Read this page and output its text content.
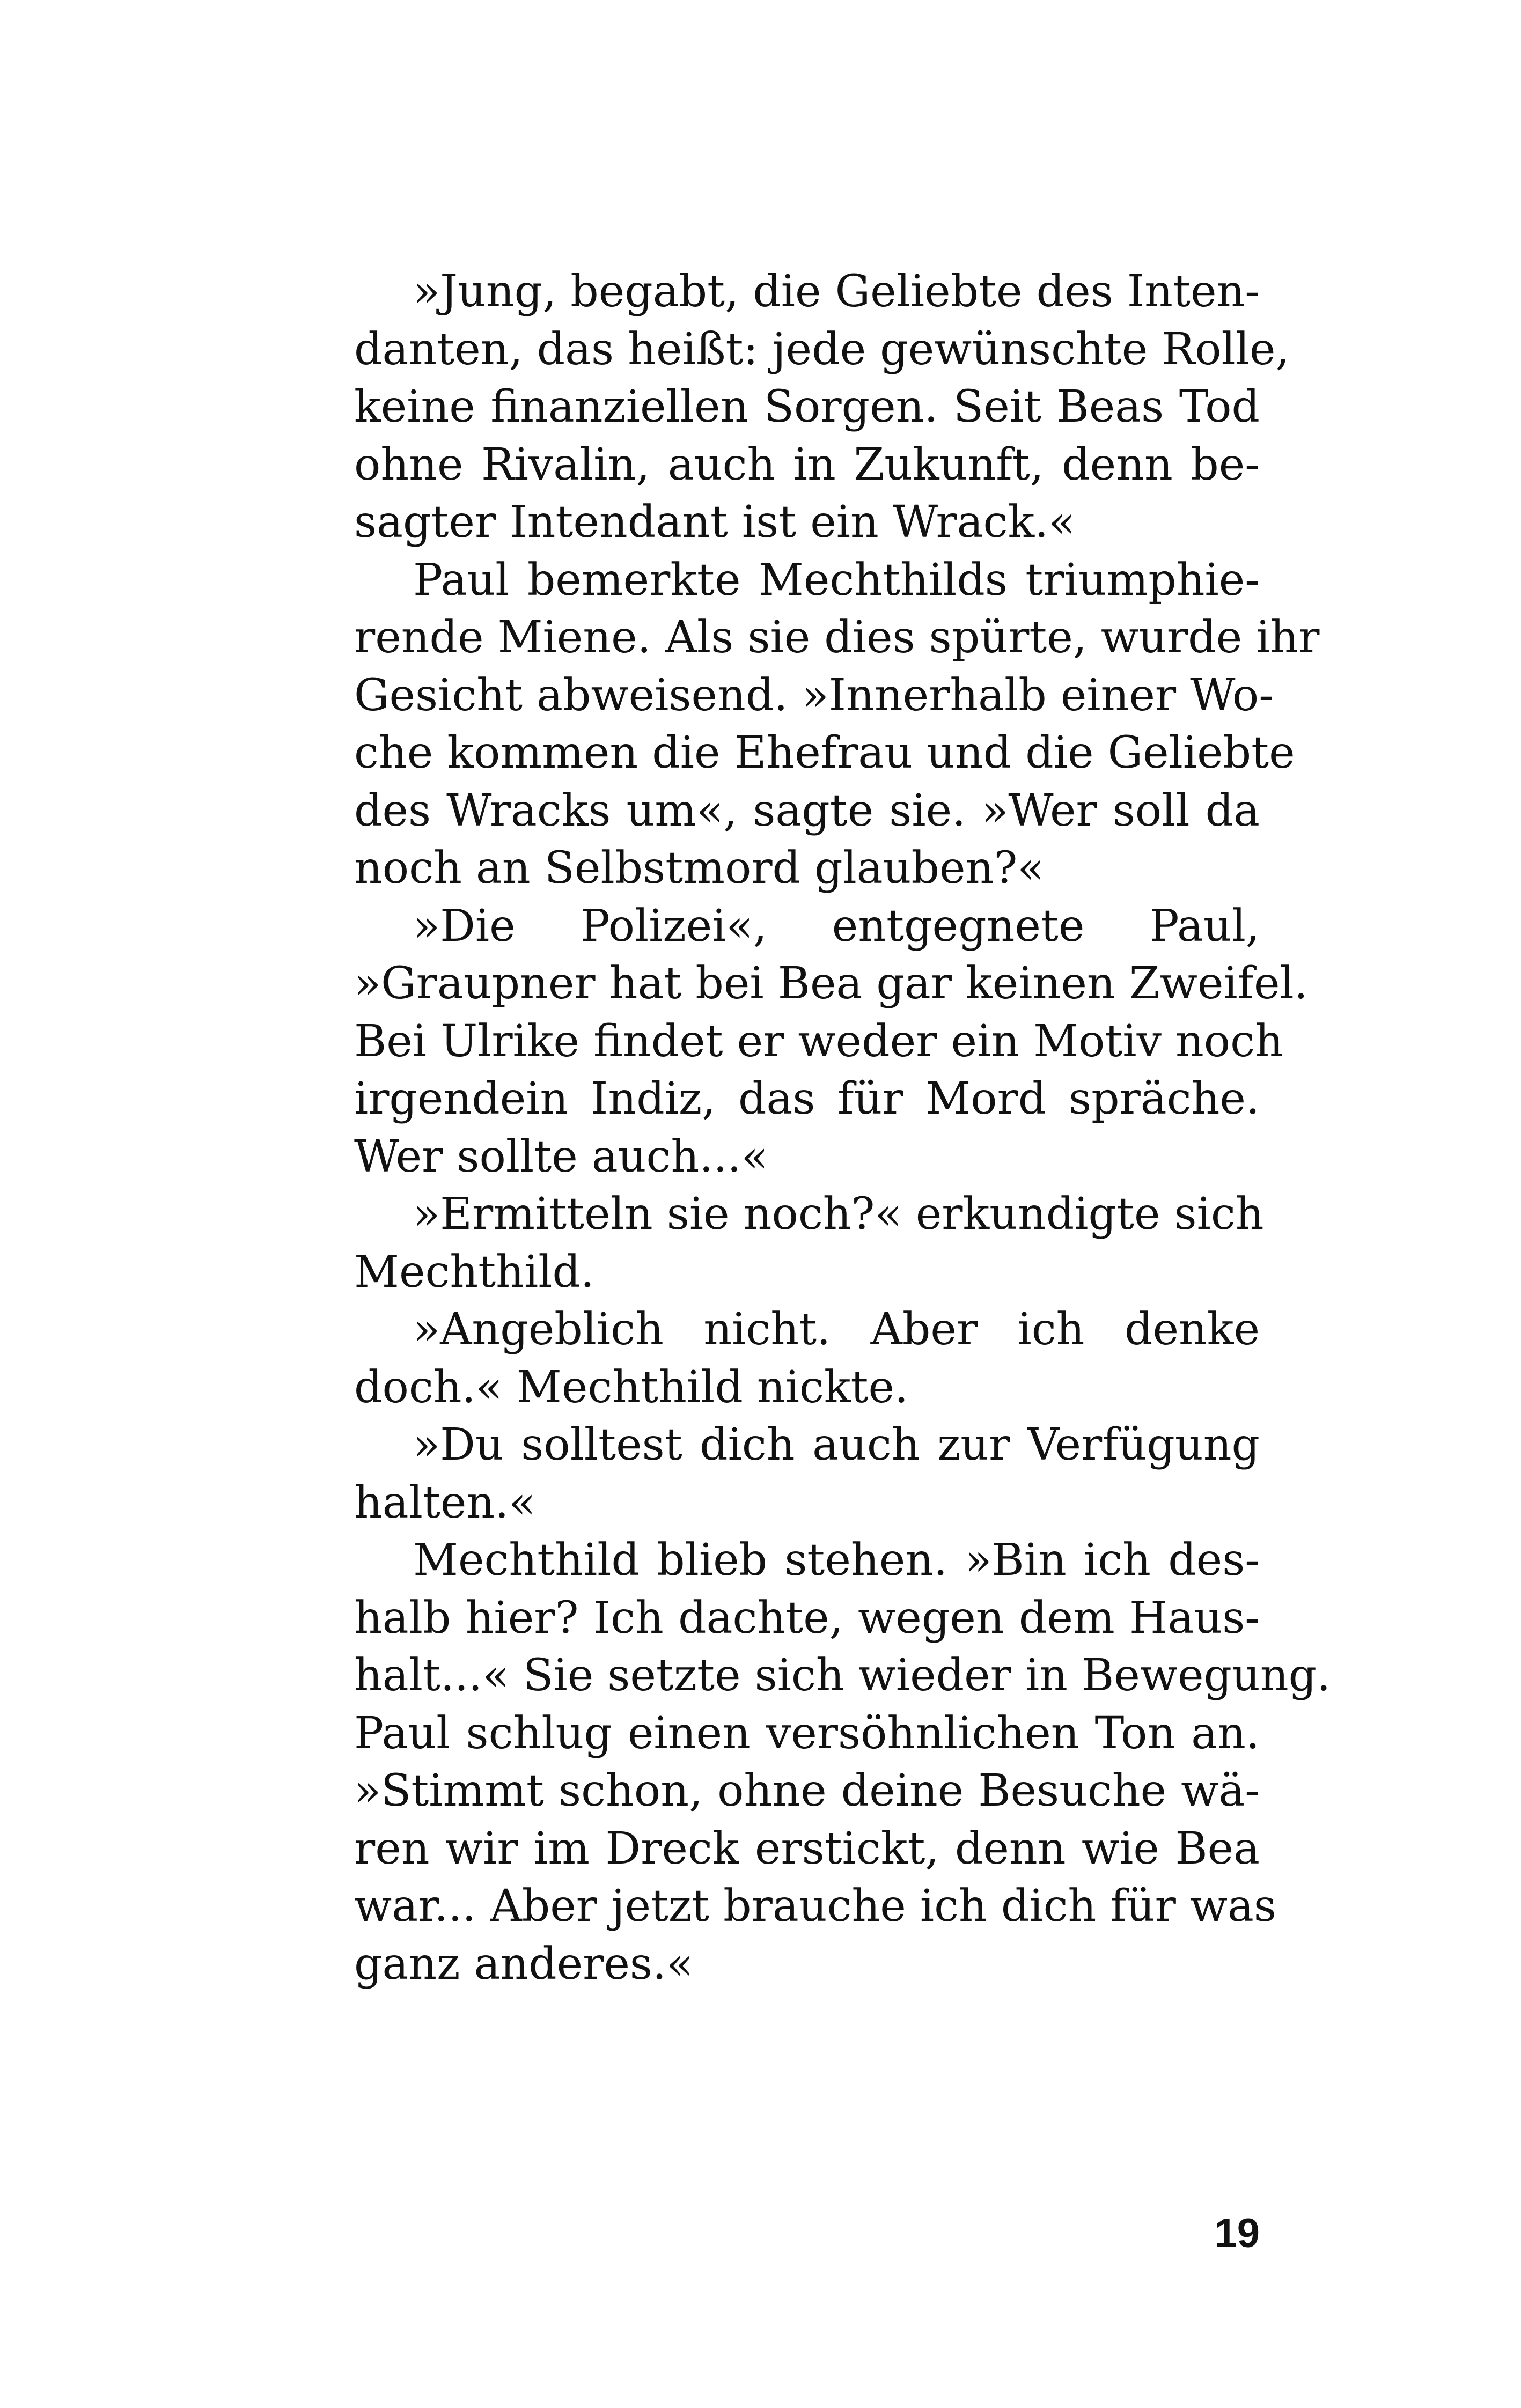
»Jung, begabt, die Geliebte des Inten-
danten, das heißt: jede gewünschte Rolle,
keine finanziellen Sorgen. Seit Beas Tod
ohne Rivalin, auch in Zukunft, denn be-
sagter Intendant ist ein Wrack.«
Paul bemerkte Mechthilds triumphie-
rende Miene. Als sie dies spürte, wurde ihr
Gesicht abweisend. »Innerhalb einer Wo-
che kommen die Ehefrau und die Geliebte
des Wracks um«, sagte sie. »Wer soll da
noch an Selbstmord glauben?«
»Die Polizei«, entgegnete Paul,
»Graupner hat bei Bea gar keinen Zweifel.
Bei Ulrike findet er weder ein Motiv noch
irgendein Indiz, das für Mord spräche.
Wer sollte auch...«
»Ermitteln sie noch?« erkundigte sich
Mechthild.
»Angeblich nicht. Aber ich denke
doch.« Mechthild nickte.
»Du solltest dich auch zur Verfügung
halten.«
Mechthild blieb stehen. »Bin ich des-
halb hier? Ich dachte, wegen dem Haus-
halt...« Sie setzte sich wieder in Bewegung.
Paul schlug einen versöhnlichen Ton an.
»Stimmt schon, ohne deine Besuche wä-
ren wir im Dreck erstickt, denn wie Bea
war... Aber jetzt brauche ich dich für was
ganz anderes.«
19
